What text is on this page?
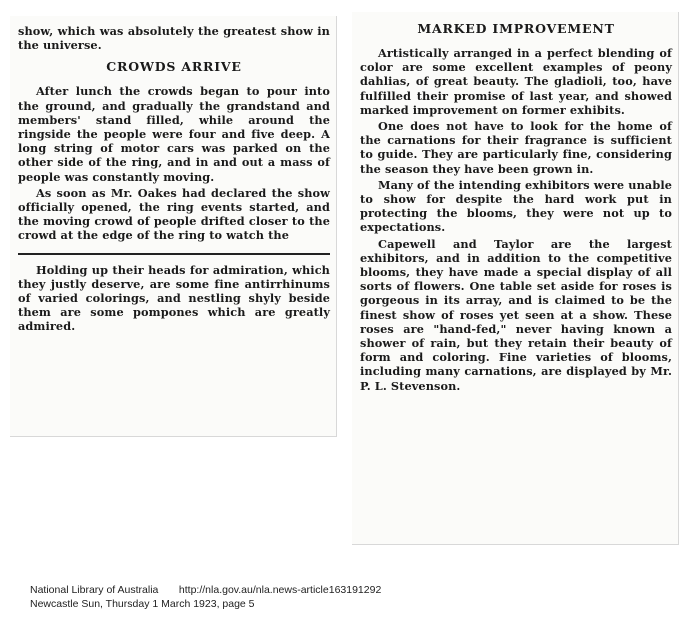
show, which was absolutely the greatest show in the universe.

CROWDS ARRIVE

After lunch the crowds began to pour into the ground, and gradually the grandstand and members' stand filled, while around the ringside the people were four and five deep. A long string of motor cars was parked on the other side of the ring, and in and out a mass of people was constantly moving.

As soon as Mr. Oakes had declared the show officially opened, the ring events started, and the moving crowd of people drifted closer to the crowd at the edge of the ring to watch the

Holding up their heads for admiration, which they justly deserve, are some fine antirrhinums of varied colorings, and nestling shyly beside them are some pompones which are greatly admired.

MARKED IMPROVEMENT

Artistically arranged in a perfect blending of color are some excellent examples of peony dahlias, of great beauty. The gladioli, too, have fulfilled their promise of last year, and showed marked improvement on former exhibits.

One does not have to look for the home of the carnations for their fragrance is sufficient to guide. They are particularly fine, considering the season they have been grown in.

Many of the intending exhibitors were unable to show for despite the hard work put in protecting the blooms, they were not up to expectations.

Capewell and Taylor are the largest exhibitors, and in addition to the competitive blooms, they have made a special display of all sorts of flowers. One table set aside for roses is gorgeous in its array, and is claimed to be the finest show of roses yet seen at a show. These roses are "hand-fed," never having known a shower of rain, but they retain their beauty of form and coloring. Fine varieties of blooms, including many carnations, are displayed by Mr. P. L. Stevenson.

National Library of Australia http://nla.gov.au/nla.news-article163191292
Newcastle Sun, Thursday 1 March 1923, page 5
